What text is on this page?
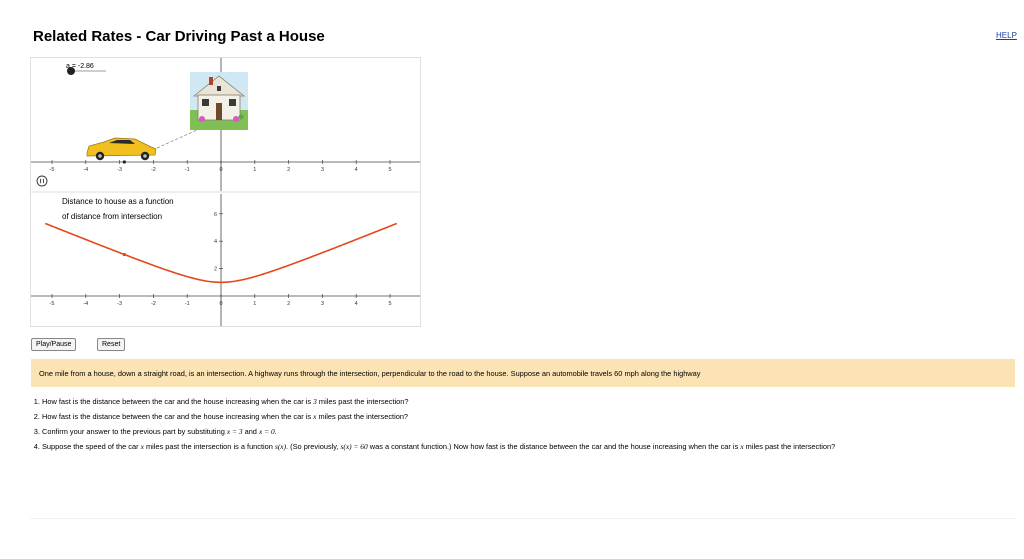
Related Rates - Car Driving Past a House	HELP
-5	-4	-3	-2	-1	0	1	2	3	4	5
-5	-4	-3	-2	-1	0	1	2	3	4	5
2
4
6
a = -2.86
Distance to house as a function
of distance from intersection
Play/Pause	Reset

One mile from a house, down a straight road, is an intersection. A highway runs through the intersection, perpendicular to the road to the house. Suppose an automobile travels 60 mph along the highway

1. How fast is the distance between the car and the house increasing when the car is 3 miles past the intersection?
2. How fast is the distance between the car and the house increasing when the car is x miles past the intersection?
3. Confirm your answer to the previous part by substituting x = 3 and x = 0.
4. Suppose the speed of the car x miles past the intersection is a function s(x). (So previously, s(x) = 60 was a constant function.) Now how fast is the distance between the car and the house increasing when the car is x miles past the intersection?
